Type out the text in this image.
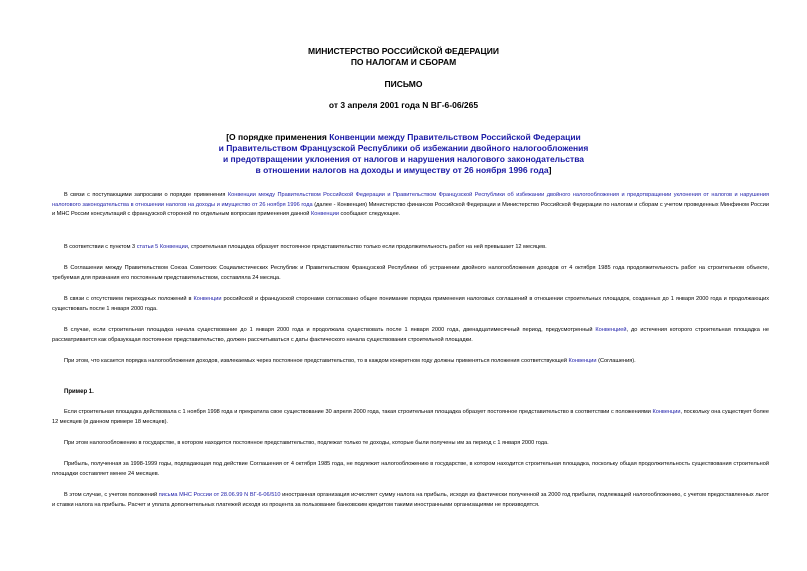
МИНИСТЕРСТВО РОССИЙСКОЙ ФЕДЕРАЦИИ
ПО НАЛОГАМ И СБОРАМ
ПИСЬМО
от 3 апреля 2001 года N ВГ-6-06/265
[О порядке применения Конвенции между Правительством Российской Федерации
и Правительством Французской Республики об избежании двойного налогообложения
и предотвращении уклонения от налогов и нарушения налогового законодательства
в отношении налогов на доходы и имуществу от 26 ноября 1996 года]

В связи с поступающими запросами о порядке применения Конвенции между Правительством Российской Федерации и Правительством Французской Республики об избежании двойного налогообложения и предотвращении уклонения от налогов и нарушения налогового законодательства в отношении налогов на доходы и имущество от 26 ноября 1996 года (далее - Конвенция) Министерство финансов Российской Федерации и Министерство Российской Федерации по налогам и сборам с учетом проведенных Минфином России и МНС России консультаций с французской стороной по отдельным вопросам применения данной Конвенции сообщают следующее.

В соответствии с пунктом 3 статьи 5 Конвенции, строительная площадка образует постоянное представительство только если продолжительность работ на ней превышает 12 месяцев.

В Соглашении между Правительством Союза Советских Социалистических Республик и Правительством Французской Республики об устранении двойного налогообложения доходов от 4 октября 1985 года продолжительность работ на строительном объекте, требуемая для признания его постоянным представительством, составляла 24 месяца.

В связи с отсутствием переходных положений в Конвенции российской и французской сторонами согласовано общее понимание порядка применения налоговых соглашений в отношении строительных площадок, созданных до 1 января 2000 года и продолжающих существовать после 1 января 2000 года.

В случае, если строительная площадка начала существование до 1 января 2000 года и продолжала существовать после 1 января 2000 года, двенадцатимесячный период, предусмотренный Конвенцией, до истечения которого строительная площадка не рассматривается как образующая постоянное представительство, должен рассчитываться с даты фактического начала существования строительной площадки.

При этом, что касается порядка налогообложения доходов, извлекаемых через постоянное представительство, то в каждом конкретном году должны применяться положения соответствующей Конвенции (Соглашения).

Пример 1.

Если строительная площадка действовала с 1 ноября 1998 года и прекратила свое существование 30 апреля 2000 года, такая строительная площадка образует постоянное представительство в соответствии с положениями Конвенции, поскольку она существует более 12 месяцев (в данном примере 18 месяцев).

При этом налогообложению в государстве, в котором находится постоянное представительство, подлежат только те доходы, которые были получены им за период с 1 января 2000 года.

Прибыль, полученная за 1998-1999 годы, подпадающая под действие Соглашения от 4 октября 1985 года, не подлежит налогообложению в государстве, в котором находится строительная площадка, поскольку общая продолжительность существования строительной площадки составляет менее 24 месяцев.

В этом случае, с учетом положений письма МНС России от 28.06.99 N ВГ-6-06/510 иностранная организация исчисляет сумму налога на прибыль, исходя из фактически полученной за 2000 год прибыли, подлежащей налогообложению, с учетом предоставленных льгот и ставки налога на прибыль. Расчет и уплата дополнительных платежей исходя из процента за пользование банковским кредитом такими иностранными организациями не производятся.
